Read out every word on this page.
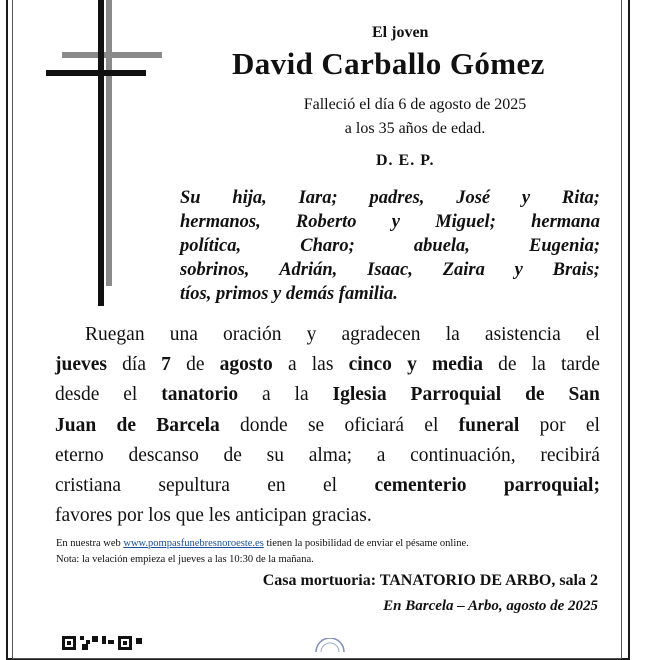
El joven
David Carballo Gómez
Falleció el día 6 de agosto de 2025
a los 35 años de edad.
D. E. P.
Su hija, Iara; padres, José y Rita;
hermanos, Roberto y Miguel; hermana
política,	Charo;	abuela,	Eugenia;
sobrinos, Adrián, Isaac, Zaira y Brais;
tíos, primos y demás familia.
Ruegan una oración y agradecen la asistencia el
jueves día 7 de agosto a las cinco y media de la tarde
desde el tanatorio a la Iglesia Parroquial de San
Juan de Barcela donde se oficiará el funeral por el
eterno descanso de su alma; a continuación, recibirá
cristiana sepultura en el cementerio parroquial;
favores por los que les anticipan gracias.
En nuestra web www.pompasfunebresnoroeste.es tienen la posibilidad de enviar el pésame online.
Nota: la velación empieza el jueves a las 10:30 de la mañana.
Casa mortuoria: TANATORIO DE ARBO, sala 2
En Barcela – Arbo, agosto de 2025
